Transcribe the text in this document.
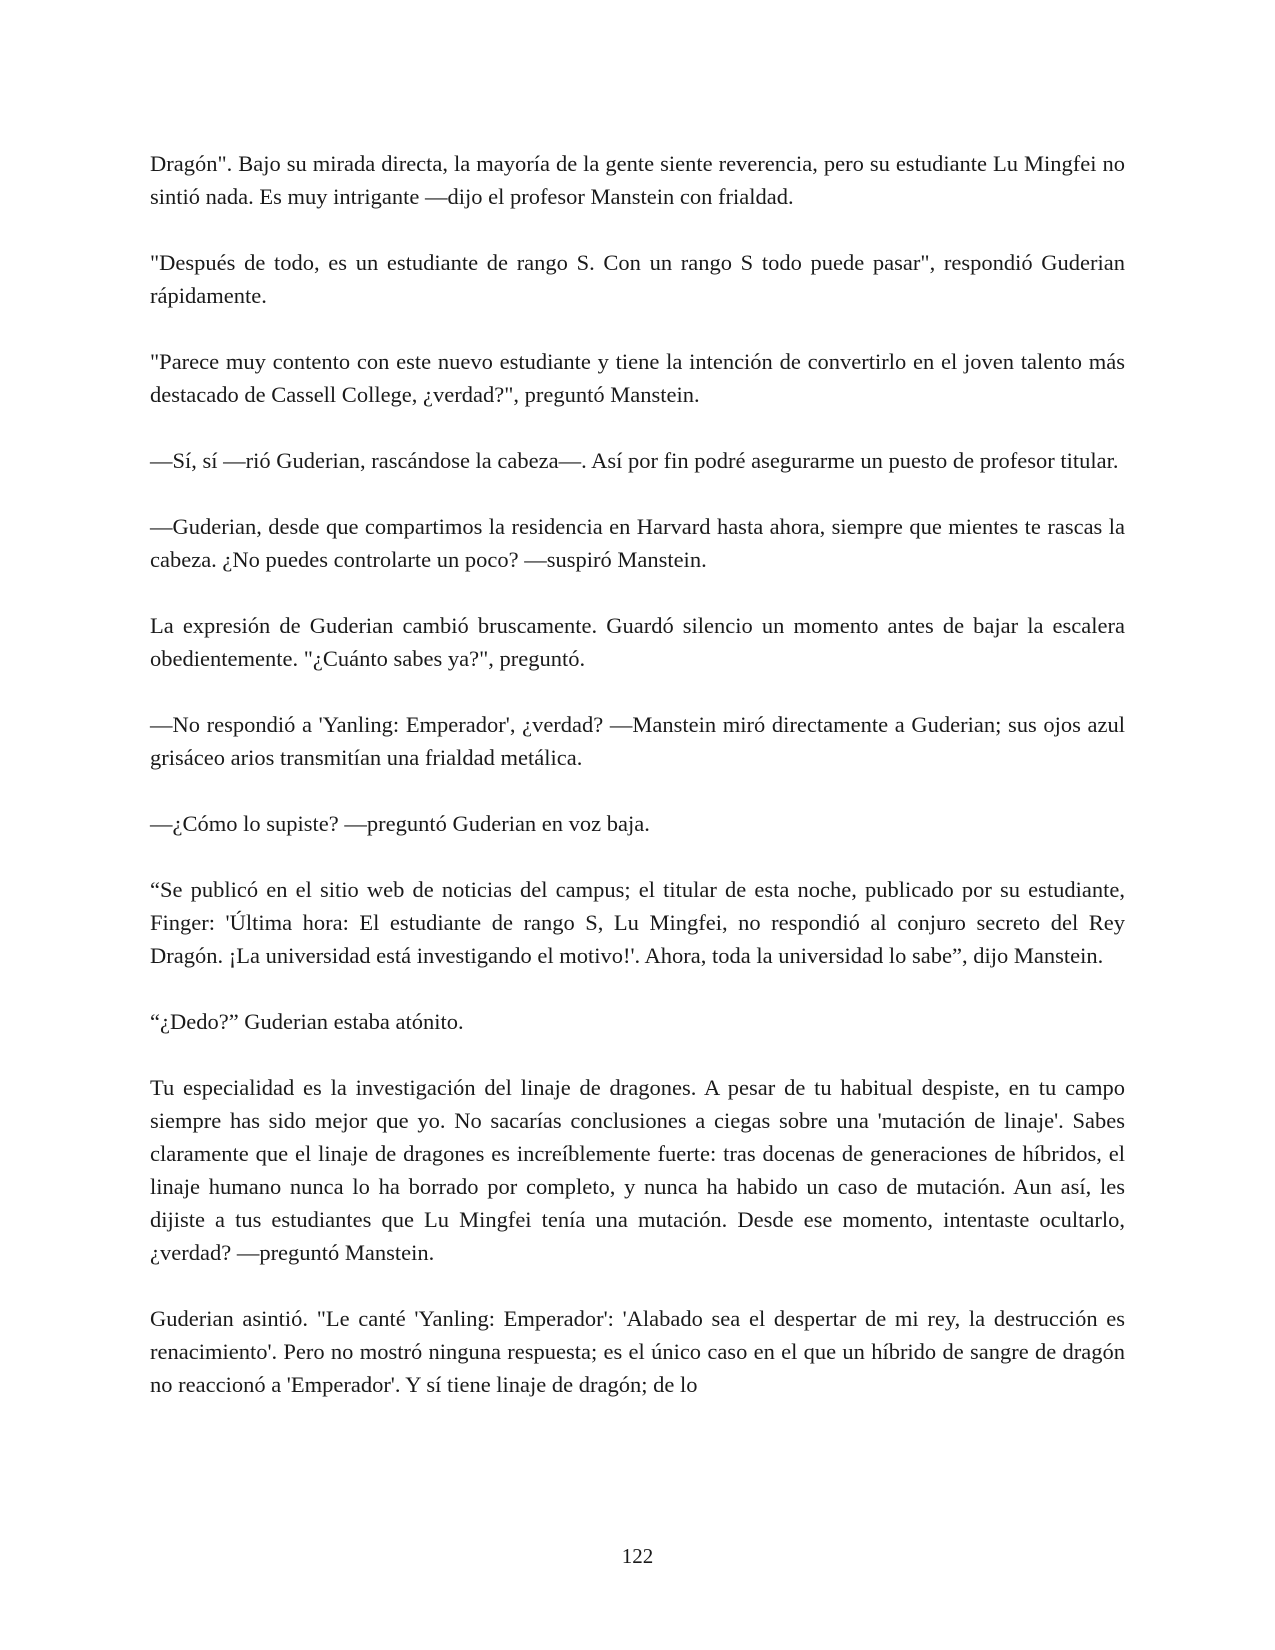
Dragón". Bajo su mirada directa, la mayoría de la gente siente reverencia, pero su estudiante Lu Mingfei no sintió nada. Es muy intrigante —dijo el profesor Manstein con frialdad.

"Después de todo, es un estudiante de rango S. Con un rango S todo puede pasar", respondió Guderian rápidamente.

"Parece muy contento con este nuevo estudiante y tiene la intención de convertirlo en el joven talento más destacado de Cassell College, ¿verdad?", preguntó Manstein.

—Sí, sí —rió Guderian, rascándose la cabeza—. Así por fin podré asegurarme un puesto de profesor titular.

—Guderian, desde que compartimos la residencia en Harvard hasta ahora, siempre que mientes te rascas la cabeza. ¿No puedes controlarte un poco? —suspiró Manstein.

La expresión de Guderian cambió bruscamente. Guardó silencio un momento antes de bajar la escalera obedientemente. "¿Cuánto sabes ya?", preguntó.

—No respondió a 'Yanling: Emperador', ¿verdad? —Manstein miró directamente a Guderian; sus ojos azul grisáceo arios transmitían una frialdad metálica.

—¿Cómo lo supiste? —preguntó Guderian en voz baja.

“Se publicó en el sitio web de noticias del campus; el titular de esta noche, publicado por su estudiante, Finger: 'Última hora: El estudiante de rango S, Lu Mingfei, no respondió al conjuro secreto del Rey Dragón. ¡La universidad está investigando el motivo!'. Ahora, toda la universidad lo sabe”, dijo Manstein.

“¿Dedo?” Guderian estaba atónito.

Tu especialidad es la investigación del linaje de dragones. A pesar de tu habitual despiste, en tu campo siempre has sido mejor que yo. No sacarías conclusiones a ciegas sobre una 'mutación de linaje'. Sabes claramente que el linaje de dragones es increíblemente fuerte: tras docenas de generaciones de híbridos, el linaje humano nunca lo ha borrado por completo, y nunca ha habido un caso de mutación. Aun así, les dijiste a tus estudiantes que Lu Mingfei tenía una mutación. Desde ese momento, intentaste ocultarlo, ¿verdad? —preguntó Manstein.

Guderian asintió. "Le canté 'Yanling: Emperador': 'Alabado sea el despertar de mi rey, la destrucción es renacimiento'. Pero no mostró ninguna respuesta; es el único caso en el que un híbrido de sangre de dragón no reaccionó a 'Emperador'. Y sí tiene linaje de dragón; de lo

122
